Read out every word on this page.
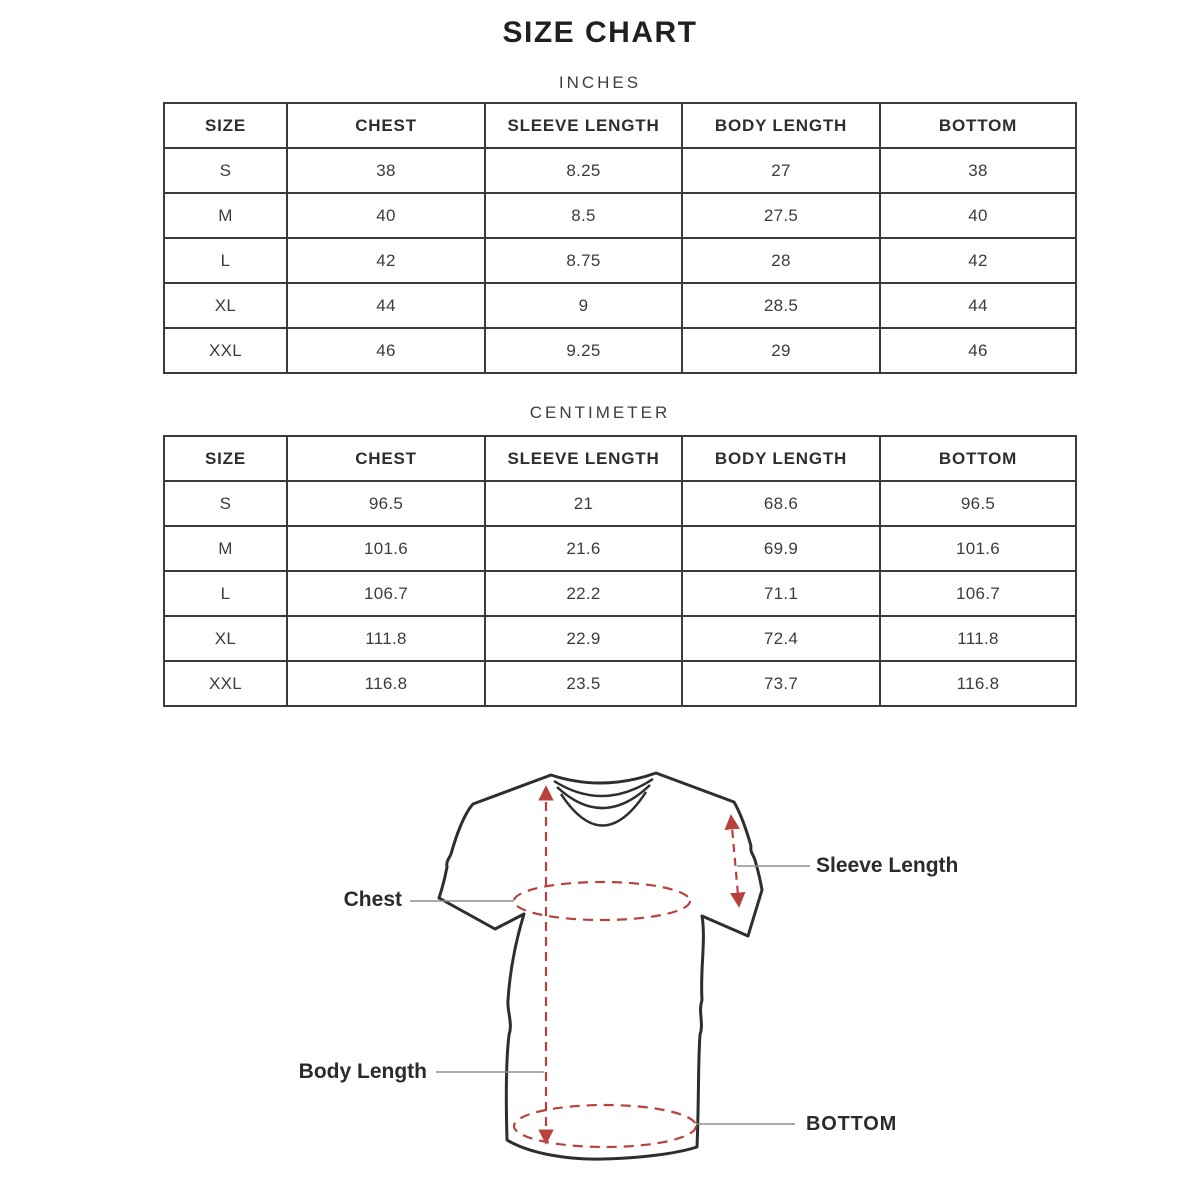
SIZE CHART
INCHES
SIZE	CHEST	SLEEVE LENGTH	BODY LENGTH	BOTTOM
S	38	8.25	27	38
M	40	8.5	27.5	40
L	42	8.75	28	42
XL	44	9	28.5	44
XXL	46	9.25	29	46
CENTIMETER
SIZE	CHEST	SLEEVE LENGTH	BODY LENGTH	BOTTOM
S	96.5	21	68.6	96.5
M	101.6	21.6	69.9	101.6
L	106.7	22.2	71.1	106.7
XL	111.8	22.9	72.4	111.8
XXL	116.8	23.5	73.7	116.8
Chest
Sleeve Length
Body Length
BOTTOM
